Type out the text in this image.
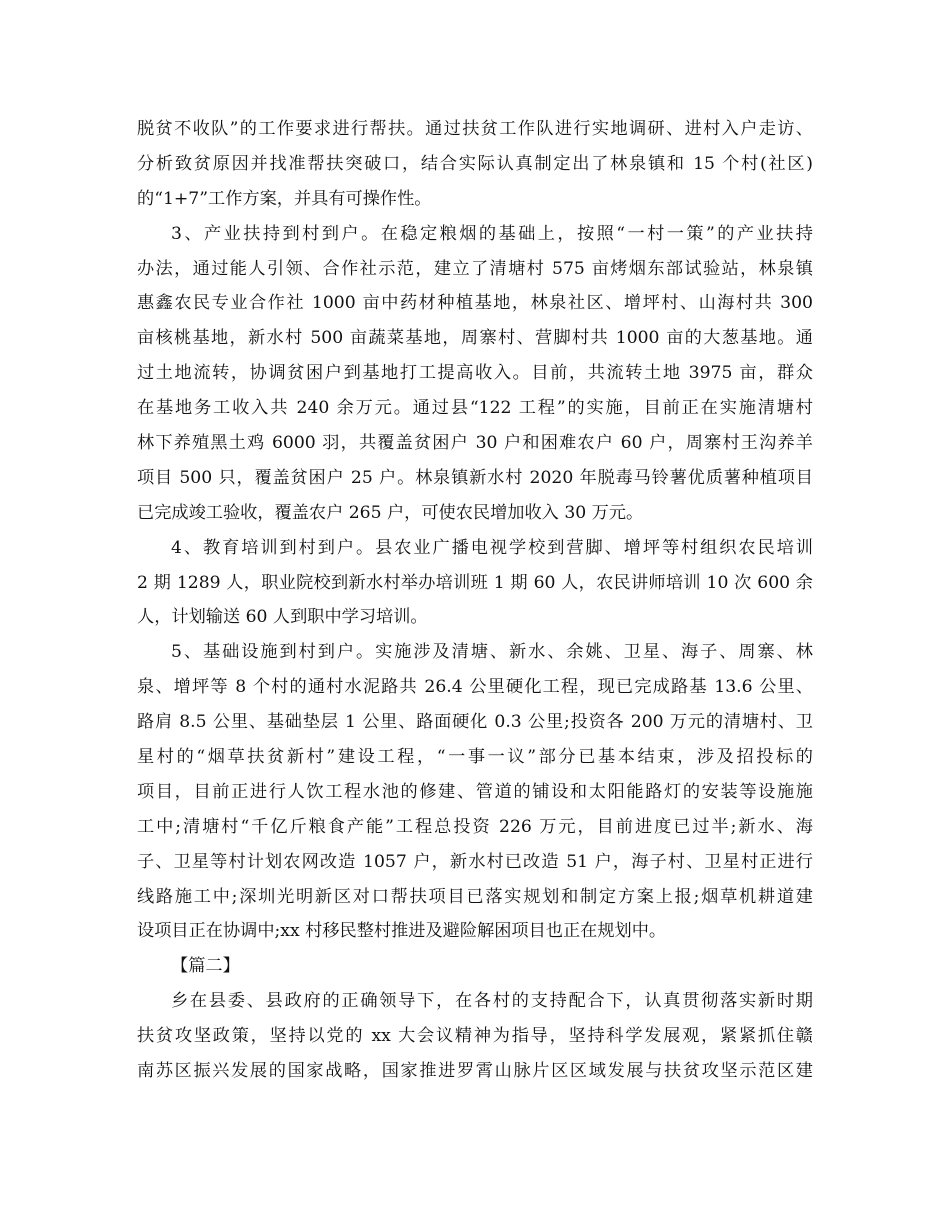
脱贫不收队”的工作要求进行帮扶。通过扶贫工作队进行实地调研、进村入户走访、
分析致贫原因并找准帮扶突破口，结合实际认真制定出了林泉镇和 15 个村(社区)
的“1+7”工作方案，并具有可操作性。
3、产业扶持到村到户。在稳定粮烟的基础上，按照“一村一策”的产业扶持
办法，通过能人引领、合作社示范，建立了清塘村 575 亩烤烟东部试验站，林泉镇
惠鑫农民专业合作社 1000 亩中药材种植基地，林泉社区、增坪村、山海村共 300
亩核桃基地，新水村 500 亩蔬菜基地，周寨村、营脚村共 1000 亩的大葱基地。通
过土地流转，协调贫困户到基地打工提高收入。目前，共流转土地 3975 亩，群众
在基地务工收入共 240 余万元。通过县“122 工程”的实施，目前正在实施清塘村
林下养殖黑土鸡 6000 羽，共覆盖贫困户 30 户和困难农户 60 户，周寨村王沟养羊
项目 500 只，覆盖贫困户 25 户。林泉镇新水村 2020 年脱毒马铃薯优质薯种植项目
已完成竣工验收，覆盖农户 265 户，可使农民增加收入 30 万元。
4、教育培训到村到户。县农业广播电视学校到营脚、增坪等村组织农民培训
2 期 1289 人，职业院校到新水村举办培训班 1 期 60 人，农民讲师培训 10 次 600 余
人，计划输送 60 人到职中学习培训。
5、基础设施到村到户。实施涉及清塘、新水、余姚、卫星、海子、周寨、林
泉、增坪等 8 个村的通村水泥路共 26.4 公里硬化工程，现已完成路基 13.6 公里、
路肩 8.5 公里、基础垫层 1 公里、路面硬化 0.3 公里;投资各 200 万元的清塘村、卫
星村的“烟草扶贫新村”建设工程，“一事一议”部分已基本结束，涉及招投标的
项目，目前正进行人饮工程水池的修建、管道的铺设和太阳能路灯的安装等设施施
工中;清塘村“千亿斤粮食产能”工程总投资 226 万元，目前进度已过半;新水、海
子、卫星等村计划农网改造 1057 户，新水村已改造 51 户，海子村、卫星村正进行
线路施工中;深圳光明新区对口帮扶项目已落实规划和制定方案上报;烟草机耕道建
设项目正在协调中;xx 村移民整村推进及避险解困项目也正在规划中。
【篇二】
乡在县委、县政府的正确领导下，在各村的支持配合下，认真贯彻落实新时期
扶贫攻坚政策，坚持以党的 xx 大会议精神为指导，坚持科学发展观，紧紧抓住赣
南苏区振兴发展的国家战略，国家推进罗霄山脉片区区域发展与扶贫攻坚示范区建
